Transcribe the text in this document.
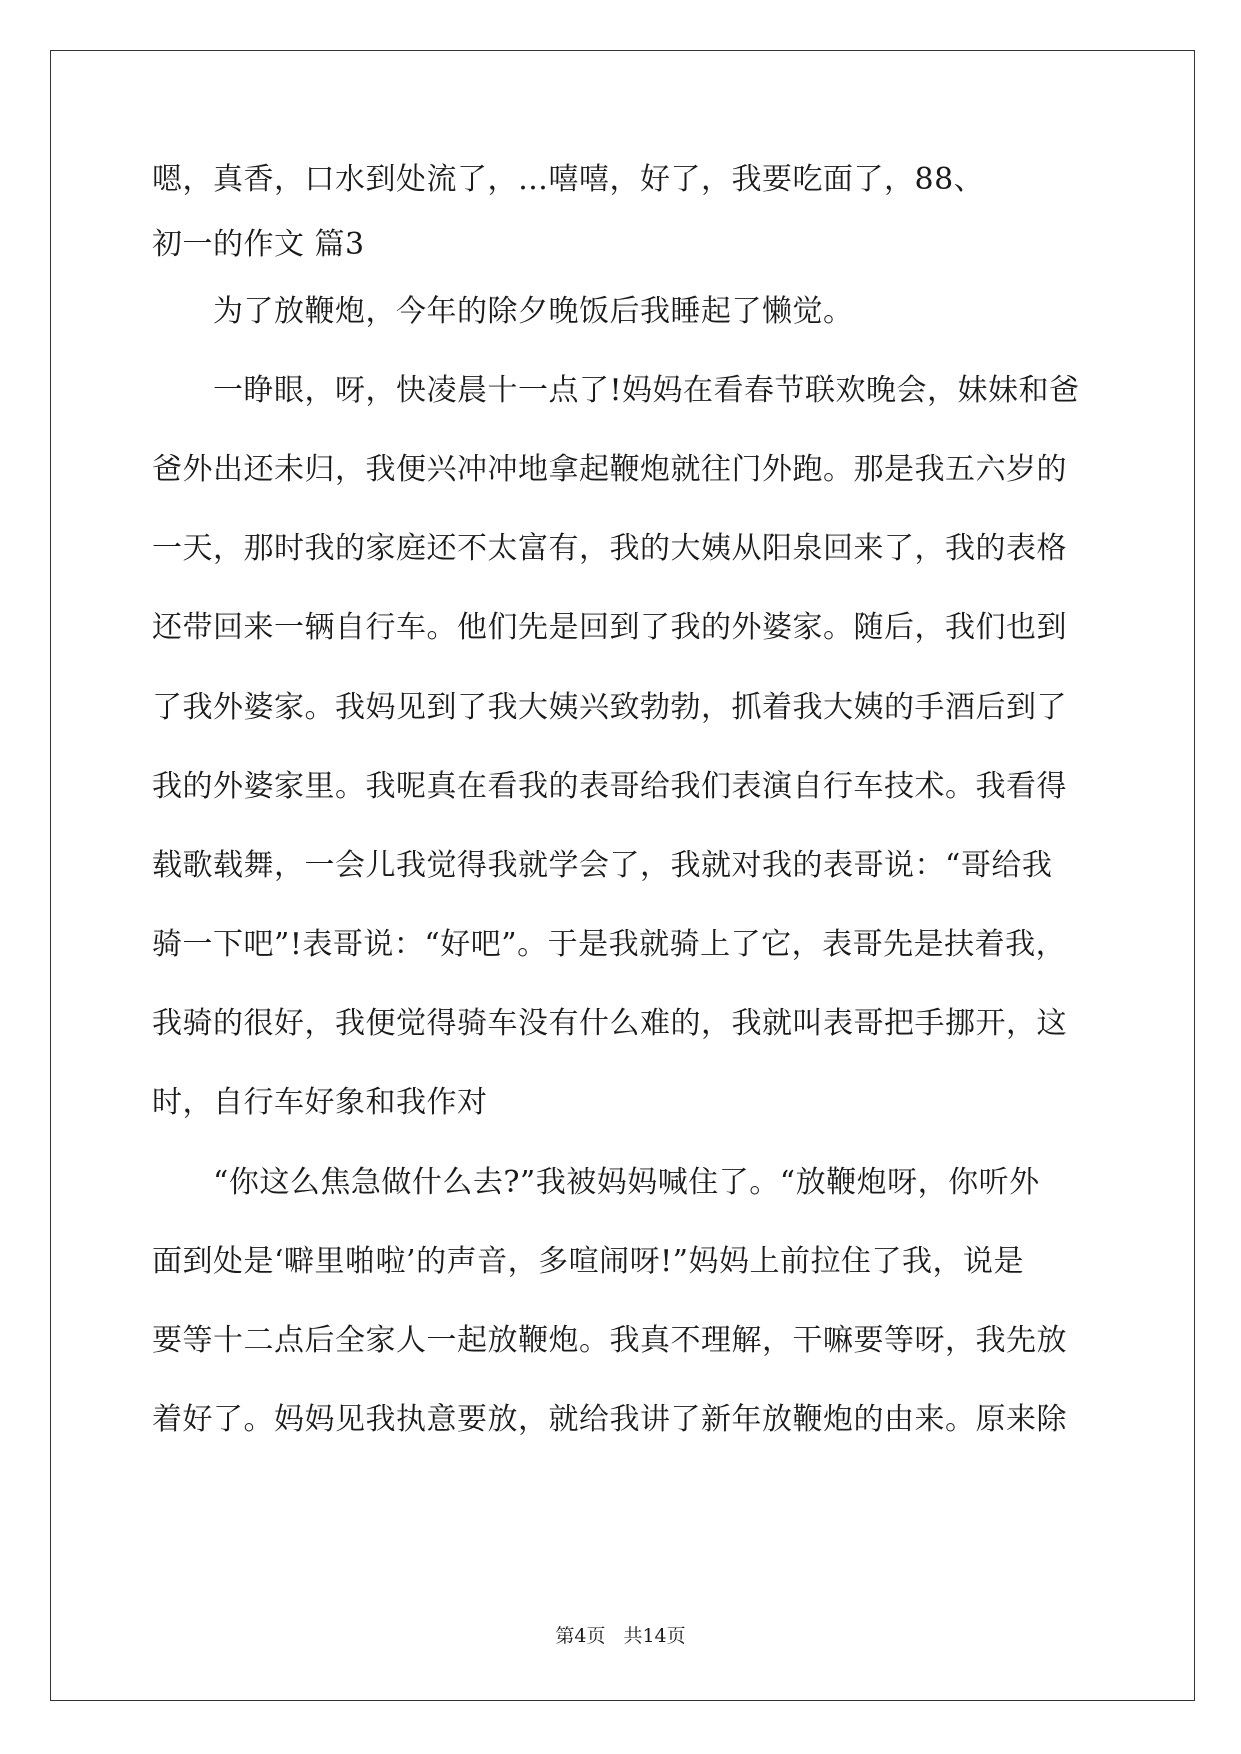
嗯，真香，口水到处流了，…嘻嘻，好了，我要吃面了，88、
初一的作文 篇3
　　为了放鞭炮，今年的除夕晚饭后我睡起了懒觉。
　　一睁眼，呀，快凌晨十一点了!妈妈在看春节联欢晚会，妹妹和爸
爸外出还未归，我便兴冲冲地拿起鞭炮就往门外跑。那是我五六岁的
一天，那时我的家庭还不太富有，我的大姨从阳泉回来了，我的表格
还带回来一辆自行车。他们先是回到了我的外婆家。随后，我们也到
了我外婆家。我妈见到了我大姨兴致勃勃，抓着我大姨的手酒后到了
我的外婆家里。我呢真在看我的表哥给我们表演自行车技术。我看得
载歌载舞，一会儿我觉得我就学会了，我就对我的表哥说：“哥给我
骑一下吧”!表哥说：“好吧”。于是我就骑上了它，表哥先是扶着我，
我骑的很好，我便觉得骑车没有什么难的，我就叫表哥把手挪开，这
时，自行车好象和我作对
　　“你这么焦急做什么去?”我被妈妈喊住了。“放鞭炮呀，你听外
面到处是‘噼里啪啦’的声音，多喧闹呀!”妈妈上前拉住了我，说是
要等十二点后全家人一起放鞭炮。我真不理解，干嘛要等呀，我先放
着好了。妈妈见我执意要放，就给我讲了新年放鞭炮的由来。原来除
第4页 共14页
